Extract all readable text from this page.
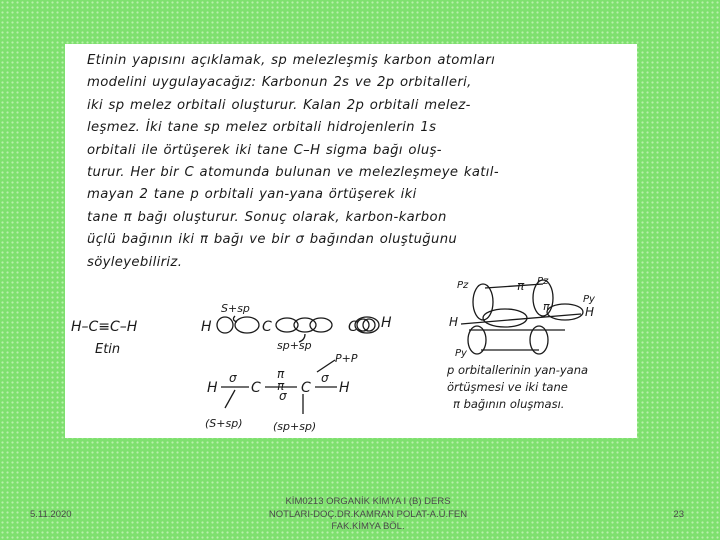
Etinin yapısını açıklamak, sp melezleşmiş karbon atomları
modelini uygulayacağız: Karbonun 2s ve 2p orbitalleri,
iki sp melez orbitali oluşturur. Kalan 2p orbitali melez-
leşmez. İki tane sp melez orbitali hidrojenlerin 1s
orbitali ile örtüşerek iki tane C–H sigma bağı oluş-
turur. Her bir C atomunda bulunan ve melezleşmeye katıl-
mayan 2 tane p orbitali yan-yana örtüşerek iki
tane π bağı oluşturur. Sonuç olarak, karbon-karbon
üçlü bağının iki π bağı ve bir σ bağından oluştuğunu
söyleyebiliriz.
H–C≡C–H
Etin
S+sp
H	C	C H
sp+sp
P+P
H
σ
C
π
π
σ C
σ
H
(S+sp)	(sp+sp)
Pz	π Pz
Py
π
Py
H
H
p orbitallerinin yan-yana
örtüşmesi ve iki tane
π bağının oluşması.
5.11.2020
KİM0213 ORGANİK KİMYA I (B) DERS
NOTLARI-DOÇ.DR.KAMRAN POLAT-A.Ü.FEN
FAK.KİMYA BÖL.
23
